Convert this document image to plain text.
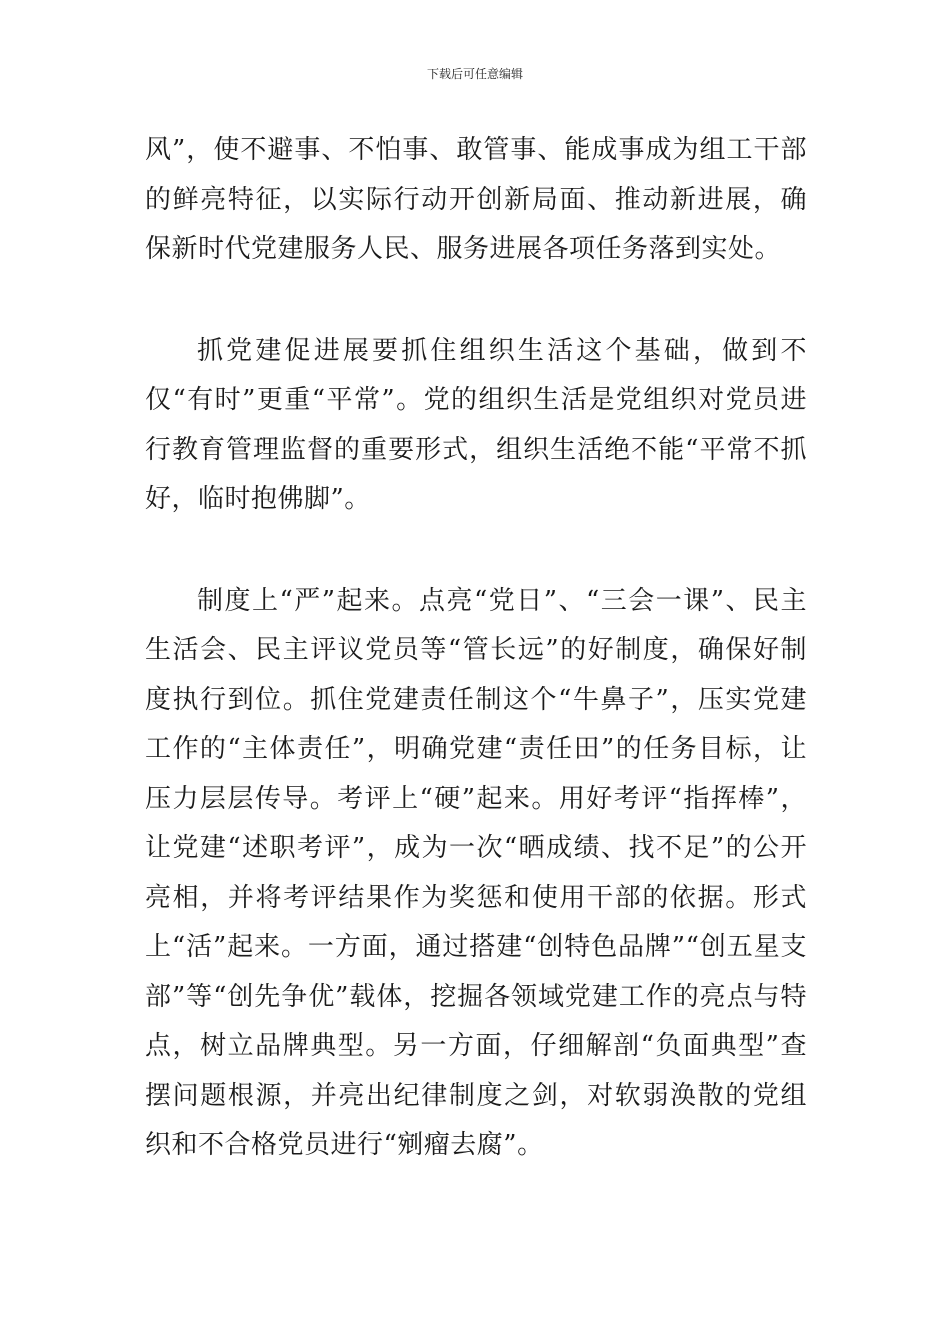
下载后可任意编辑

风”，使不避事、不怕事、敢管事、能成事成为组工干部的鲜亮特征，以实际行动开创新局面、推动新进展，确保新时代党建服务人民、服务进展各项任务落到实处。

抓党建促进展要抓住组织生活这个基础，做到不仅“有时”更重“平常”。党的组织生活是党组织对党员进行教育管理监督的重要形式，组织生活绝不能“平常不抓好，临时抱佛脚”。

制度上“严”起来。点亮“党日”、“三会一课”、民主生活会、民主评议党员等“管长远”的好制度，确保好制度执行到位。抓住党建责任制这个“牛鼻子”，压实党建工作的“主体责任”，明确党建“责任田”的任务目标，让压力层层传导。考评上“硬”起来。用好考评“指挥棒”，让党建“述职考评”，成为一次“晒成绩、找不足”的公开亮相，并将考评结果作为奖惩和使用干部的依据。形式上“活”起来。一方面，通过搭建“创特色品牌”“创五星支部”等“创先争优”载体，挖掘各领域党建工作的亮点与特点，树立品牌典型。另一方面，仔细解剖“负面典型”查摆问题根源，并亮出纪律制度之剑，对软弱涣散的党组织和不合格党员进行“剜瘤去腐”。
